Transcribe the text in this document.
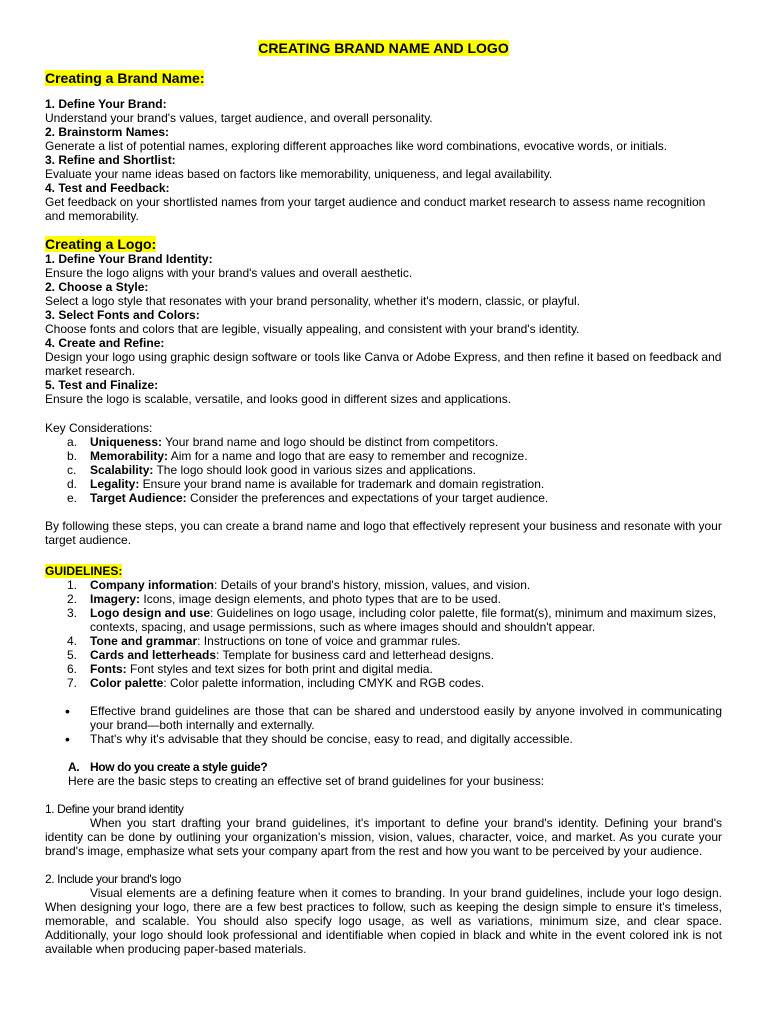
CREATING BRAND NAME AND LOGO
Creating a Brand Name:
1. Define Your Brand:
Understand your brand's values, target audience, and overall personality.
2. Brainstorm Names:
Generate a list of potential names, exploring different approaches like word combinations, evocative words, or initials.
3. Refine and Shortlist:
Evaluate your name ideas based on factors like memorability, uniqueness, and legal availability.
4. Test and Feedback:
Get feedback on your shortlisted names from your target audience and conduct market research to assess name recognition and memorability.
Creating a Logo:
1. Define Your Brand Identity:
Ensure the logo aligns with your brand's values and overall aesthetic.
2. Choose a Style:
Select a logo style that resonates with your brand personality, whether it's modern, classic, or playful.
3. Select Fonts and Colors:
Choose fonts and colors that are legible, visually appealing, and consistent with your brand's identity.
4. Create and Refine:
Design your logo using graphic design software or tools like Canva or Adobe Express, and then refine it based on feedback and market research.
5. Test and Finalize:
Ensure the logo is scalable, versatile, and looks good in different sizes and applications.
Key Considerations:
a. Uniqueness: Your brand name and logo should be distinct from competitors.
b. Memorability: Aim for a name and logo that are easy to remember and recognize.
c. Scalability: The logo should look good in various sizes and applications.
d. Legality: Ensure your brand name is available for trademark and domain registration.
e. Target Audience: Consider the preferences and expectations of your target audience.
By following these steps, you can create a brand name and logo that effectively represent your business and resonate with your target audience.
GUIDELINES:
1. Company information: Details of your brand's history, mission, values, and vision.
2. Imagery: Icons, image design elements, and photo types that are to be used.
3. Logo design and use: Guidelines on logo usage, including color palette, file format(s), minimum and maximum sizes, contexts, spacing, and usage permissions, such as where images should and shouldn't appear.
4. Tone and grammar: Instructions on tone of voice and grammar rules.
5. Cards and letterheads: Template for business card and letterhead designs.
6. Fonts: Font styles and text sizes for both print and digital media.
7. Color palette: Color palette information, including CMYK and RGB codes.
• Effective brand guidelines are those that can be shared and understood easily by anyone involved in communicating your brand—both internally and externally.
• That's why it's advisable that they should be concise, easy to read, and digitally accessible.
A. How do you create a style guide?
Here are the basic steps to creating an effective set of brand guidelines for your business:
1. Define your brand identity
When you start drafting your brand guidelines, it's important to define your brand's identity. Defining your brand's identity can be done by outlining your organization's mission, vision, values, character, voice, and market. As you curate your brand's image, emphasize what sets your company apart from the rest and how you want to be perceived by your audience.
2. Include your brand's logo
Visual elements are a defining feature when it comes to branding. In your brand guidelines, include your logo design. When designing your logo, there are a few best practices to follow, such as keeping the design simple to ensure it's timeless, memorable, and scalable. You should also specify logo usage, as well as variations, minimum size, and clear space. Additionally, your logo should look professional and identifiable when copied in black and white in the event colored ink is not available when producing paper-based materials.
